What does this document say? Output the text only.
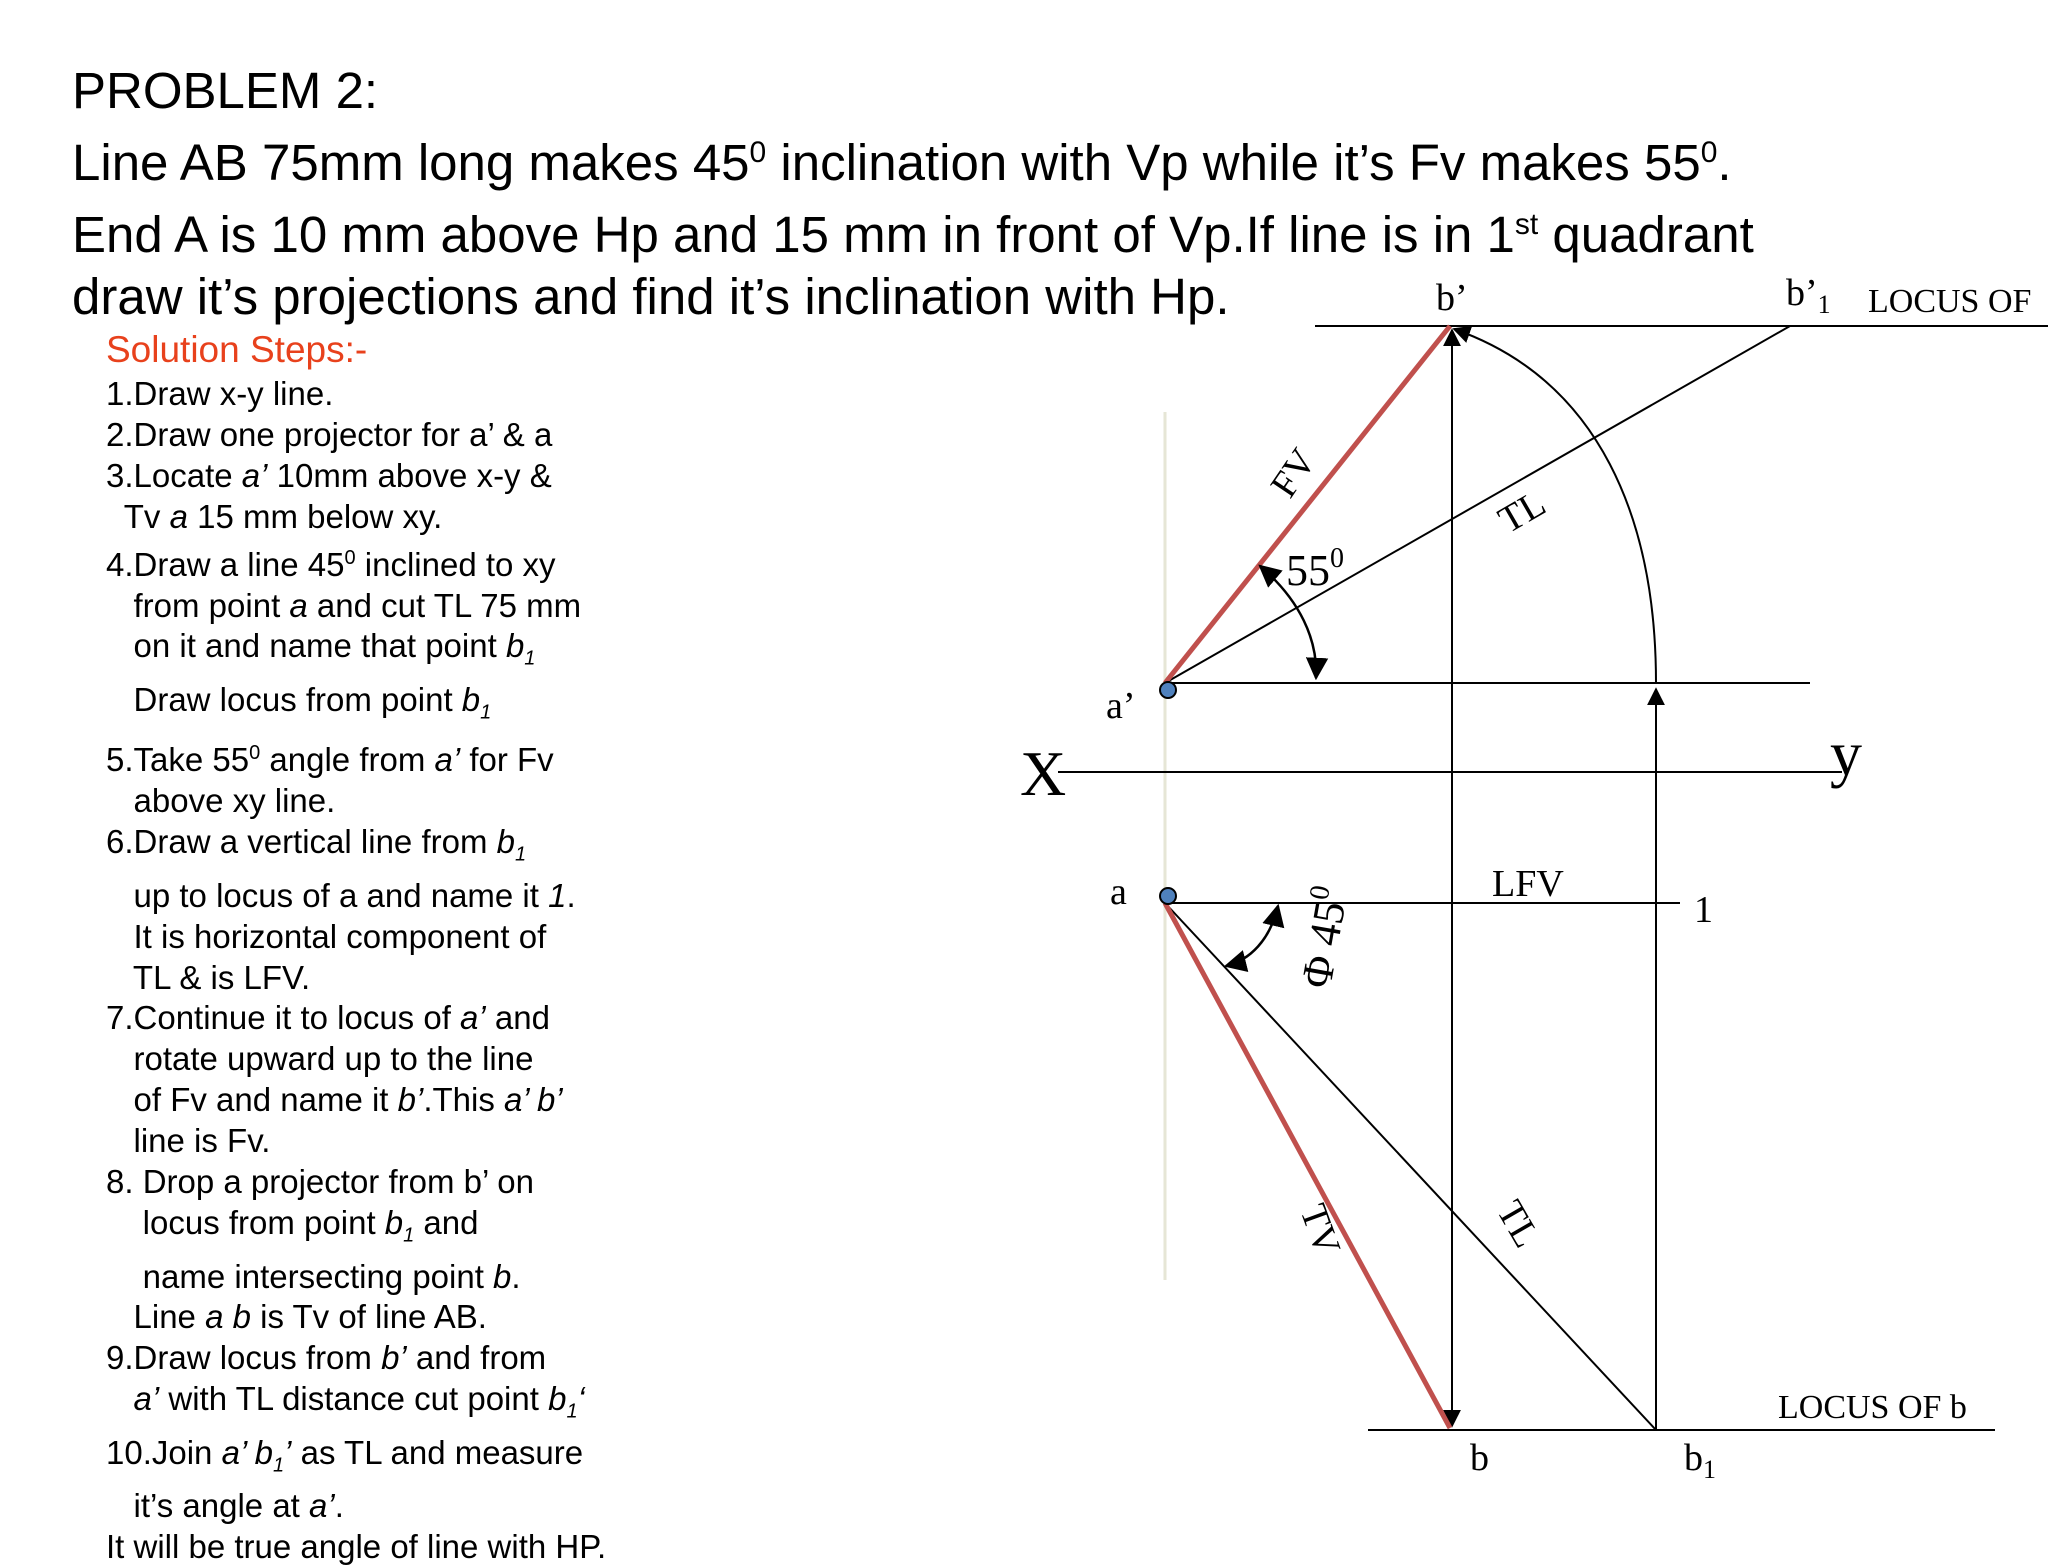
PROBLEM 2:
Line AB 75mm long makes $45^0$ inclination with Vp while it’s Fv makes $55^0$.
End A is 10 mm above Hp and 15 mm in front of Vp.If line is in 1st quadrant
draw it’s projections and find it’s inclination with Hp.
Solution Steps:-
1.Draw x-y line.
2.Draw one projector for a’ & a
3.Locate a’ 10mm above x-y &
Tv a 15 mm below xy.
4.Draw a line $45^0$ inclined to xy
from point a and cut TL 75 mm
on it and name that point $b_1$
Draw locus from point $b_1$
5.Take $55^0$ angle from a’ for Fv
above xy line.
6.Draw a vertical line from $b_1$
up to locus of a and name it 1.
It is horizontal component of
TL & is LFV.
7.Continue it to locus of a’ and
rotate upward up to the line
of Fv and name it b’.This a’ b’
line is Fv.
8. Drop a projector from b’ on
locus from point $b_1$ and
name intersecting point b.
Line a b is Tv of line AB.
9.Draw locus from b’ and from
a’ with TL distance cut point $b_1‘$
10.Join a’ $b_1$’ as TL and measure
it’s angle at a’.
It will be true angle of line with HP.
X	y
a’
a
b’	$b’_1$ LOCUS OF
LOCUS OF b
b	$b_1$
1
LFV
FV
TL
TL
TV
$55^0$
Φ $45^0$
